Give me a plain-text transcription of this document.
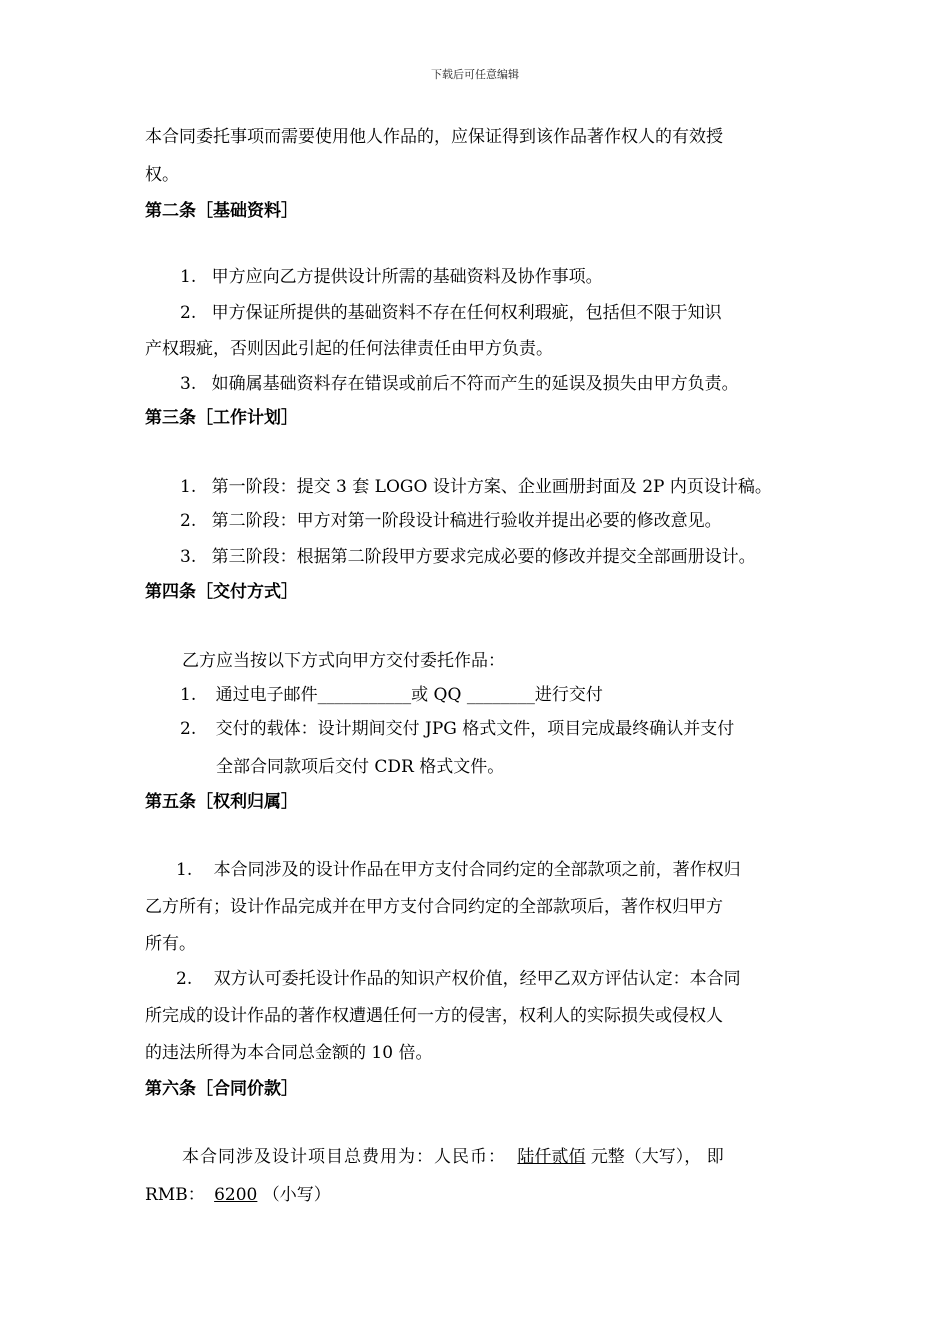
下载后可任意编辑
本合同委托事项而需要使用他人作品的，应保证得到该作品著作权人的有效授
权。
第二条［基础资料］
1. 甲方应向乙方提供设计所需的基础资料及协作事项。
2. 甲方保证所提供的基础资料不存在任何权利瑕疵，包括但不限于知识
产权瑕疵，否则因此引起的任何法律责任由甲方负责。
3. 如确属基础资料存在错误或前后不符而产生的延误及损失由甲方负责。
第三条［工作计划］
1. 第一阶段：提交 3 套 LOGO 设计方案、企业画册封面及 2P 内页设计稿。
2. 第二阶段：甲方对第一阶段设计稿进行验收并提出必要的修改意见。
3. 第三阶段：根据第二阶段甲方要求完成必要的修改并提交全部画册设计。
第四条［交付方式］
乙方应当按以下方式向甲方交付委托作品：
1. 通过电子邮件___________或 QQ ________进行交付
2. 交付的载体：设计期间交付 JPG 格式文件，项目完成最终确认并支付
全部合同款项后交付 CDR 格式文件。
第五条［权利归属］
1. 本合同涉及的设计作品在甲方支付合同约定的全部款项之前，著作权归
乙方所有；设计作品完成并在甲方支付合同约定的全部款项后，著作权归甲方
所有。
2. 双方认可委托设计作品的知识产权价值，经甲乙双方评估认定：本合同
所完成的设计作品的著作权遭遇任何一方的侵害，权利人的实际损失或侵权人
的违法所得为本合同总金额的 10 倍。
第六条［合同价款］
本合同涉及设计项目总费用为：人民币： 陆仟贰佰 元整（大写）， 即
RMB： 6200 （小写）
